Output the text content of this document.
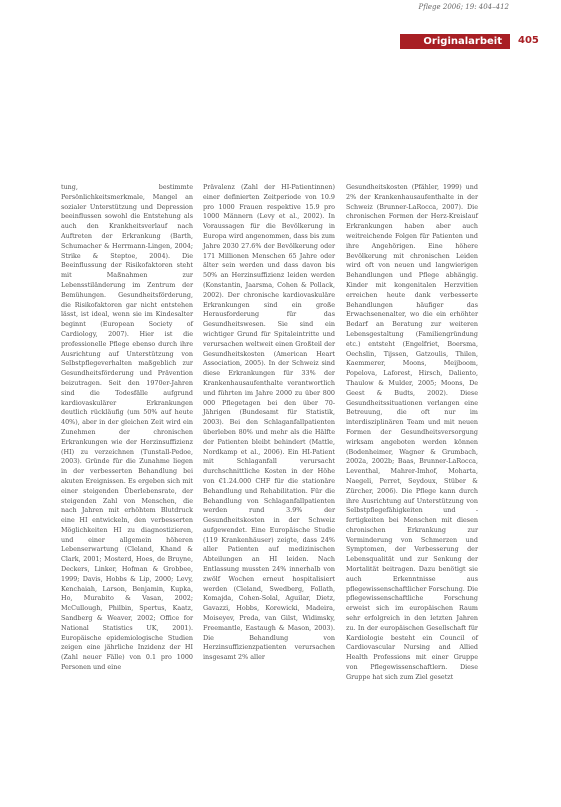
Pflege 2006; 19: 404–412
Originalarbeit 405

tung, bestimmte Persönlichkeitsmerkmale, Mangel an sozialer Unterstützung und Depression beeinflussen sowohl die Entstehung als auch den Krankheitsverlauf nach Auftreten der Erkrankung (Barth, Schumacher & Herrmann-Lingen, 2004; Strike & Steptoe, 2004). Die Beeinflussung der Risikofaktoren steht mit Maßnahmen zur Lebensstiländerung im Zentrum der Bemühungen. Gesundheitsförderung, die Risikofaktoren gar nicht entstehen lässt, ist ideal, wenn sie im Kindesalter beginnt (European Society of Cardiology, 2007). Hier ist die professionelle Pflege ebenso durch ihre Ausrichtung auf Unterstützung von Selbstpflegeverhalten maßgeblich zur Gesundheitsförderung und Prävention beizutragen. Seit den 1970er-Jahren sind die Todesfälle aufgrund kardiovaskulärer Erkrankungen deutlich rückläufig (um 50% auf heute 40%), aber in der gleichen Zeit wird ein Zunehmen der chronischen Erkrankungen wie der Herzinsuffizienz (HI) zu verzeichnen (Tunstall-Pedoe, 2003). Gründe für die Zunahme liegen in der verbesserten Behandlung bei akuten Ereignissen. Es ergeben sich mit einer steigenden Überlebensrate, der steigenden Zahl von Menschen, die nach Jahren mit erhöhtem Blutdruck eine HI entwickeln, den verbesserten Möglichkeiten HI zu diagnostizieren, und einer allgemein höheren Lebenserwartung (Cleland, Khand & Clark, 2001; Mosterd, Hoes, de Bruyne, Deckers, Linker, Hofman & Grobbee, 1999; Davis, Hobbs & Lip, 2000; Levy, Kenchaiah, Larson, Benjamin, Kupka, Ho, Murabito & Vasan, 2002; McCullough, Philbin, Spertus, Kaatz, Sandberg & Weaver, 2002; Office for National Statistics UK, 2001). Europäische epidemiologische Studien zeigen eine jährliche Inzidenz der HI (Zahl neuer Fälle) von 0.1 pro 1000 Personen und eine

Prävalenz (Zahl der HI-Patientinnen) einer definierten Zeitperiode von 10.9 pro 1000 Frauen respektive 15.9 pro 1000 Männern (Levy et al., 2002). In Voraussagen für die Bevölkerung in Europa wird angenommen, dass bis zum Jahre 2030 27.6% der Bevölkerung oder 171 Millionen Menschen 65 Jahre oder älter sein werden und dass davon bis 50% an Herzinsuffizienz leiden werden (Konstantin, Jaarsma, Cohen & Pollack, 2002). Der chronische kardiovaskuläre Erkrankungen sind ein große Herausforderung für das Gesundheitswesen. Sie sind ein wichtiger Grund für Spitaleintritte und verursachen weltweit einen Großteil der Gesundheitskosten (American Heart Association, 2005). In der Schweiz sind diese Erkrankungen für 33% der Krankenhausaufenthalte verantwortlich und führten im Jahre 2000 zu über 800 000 Pflegetagen bei den über 70-Jährigen (Bundesamt für Statistik, 2003). Bei den Schlaganfallpatienten überleben 80% und mehr als die Hälfte der Patienten bleibt behindert (Mattle, Nordkamp et al., 2006). Ein HI-Patient mit Schlaganfall verursacht durchschnittliche Kosten in der Höhe von €1.24.000 CHF für die stationäre Behandlung und Rehabilitation. Für die Behandlung von Schlaganfallpatienten werden rund 3.9% der Gesundheitskosten in der Schweiz aufgewendet. Eine Europäische Studie (119 Krankenhäuser) zeigte, dass 24% aller Patienten auf medizinischen Abteilungen an HI leiden. Nach Entlassung mussten 24% innerhalb von zwölf Wochen erneut hospitalisiert werden (Cleland, Swedberg, Follath, Komajda, Cohen-Solal, Aguilar, Dietz, Gavazzi, Hobbs, Korewicki, Madeira, Moiseyev, Preda, van Gilst, Widimsky, Freemantle, Eastaugh & Mason, 2003). Die Behandlung von Herzinsuffizienzpatienten verursachen insgesamt 2% aller

Gesundheitskosten (Pfähler, 1999) und 2% der Krankenhausaufenthalte in der Schweiz (Brunner-LaRocca, 2007). Die chronischen Formen der Herz-Kreislauf Erkrankungen haben aber auch weitreichende Folgen für Patienten und ihre Angehörigen. Eine höhere Bevölkerung mit chronischen Leiden wird oft von neuen und langwierigen Behandlungen und Pflege abhängig. Kinder mit kongenitalen Herzvitien erreichen heute dank verbesserte Behandlungen häufiger das Erwachsenenalter, wo die ein erhöhter Bedarf an Beratung zur weiteren Lebensgestaltung (Familiengründung etc.) entsteht (Engelfriet, Boersma, Oechslin, Tijssen, Gatzoulis, Thilen, Kaemmerer, Moons, Meijboom, Popelova, Laforest, Hirsch, Daliento, Thaulow & Mulder, 2005; Moons, De Geest & Budts, 2002). Diese Gesundheitssituationen verlangen eine Betreuung, die oft nur im interdisziplinären Team und mit neuen Formen der Gesundheitsversorgung wirksam angeboten werden können (Bodenheimer, Wagner & Grumbach, 2002a, 2002b; Baas, Brunner-LaRocca, Leventhal, Mahrer-Imhof, Moharta, Naegeli, Perret, Seydoux, Stüber & Zürcher, 2006). Die Pflege kann durch ihre Ausrichtung auf Unterstützung von Selbstpflegefähigkeiten und -fertigkeiten bei Menschen mit diesen chronischen Erkrankung zur Verminderung von Schmerzen und Symptomen, der Verbesserung der Lebensqualität und zur Senkung der Mortalität beitragen. Dazu benötigt sie auch Erkenntnisse aus pflegewissenschaftlicher Forschung. Die pflegewissenschaftliche Forschung erweist sich im europäischen Raum sehr erfolgreich in den letzten Jahren zu. In der europäischen Gesellschaft für Kardiologie besteht ein Council of Cardiovascular Nursing and Allied Health Professions mit einer Gruppe von Pflegewissenschaftlern. Diese Gruppe hat sich zum Ziel gesetzt
